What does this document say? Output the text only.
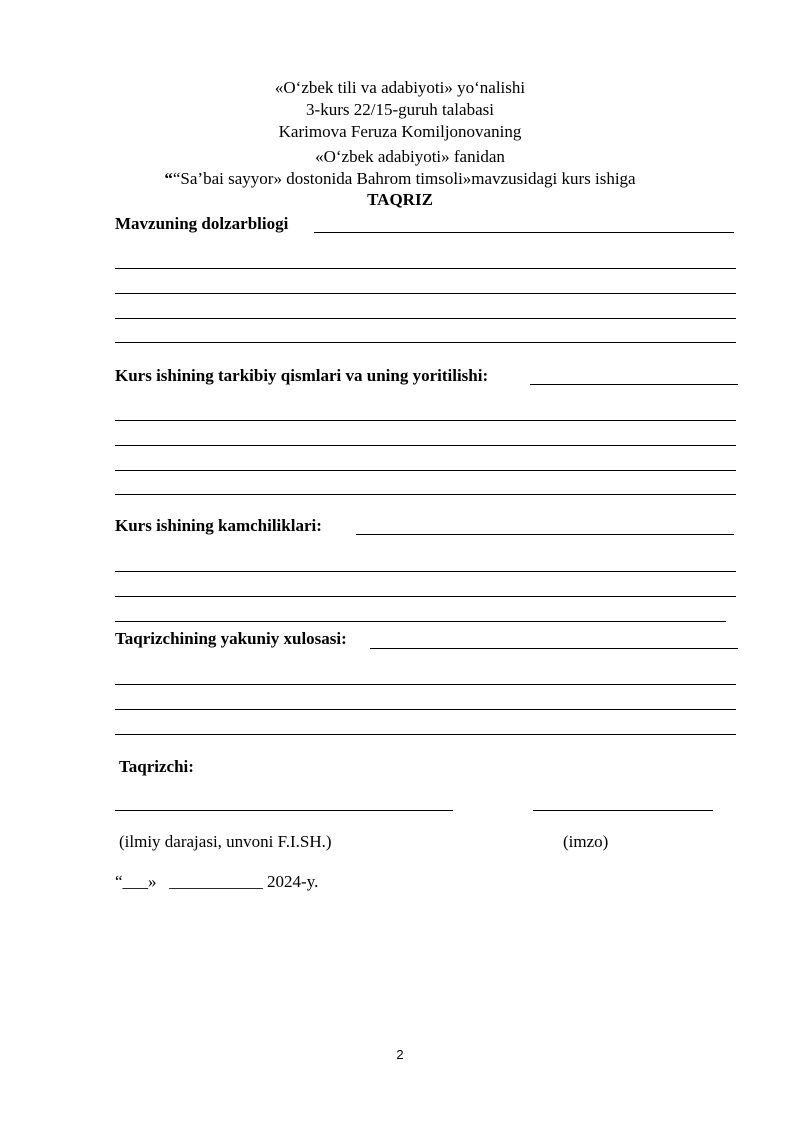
«O‘zbek tili va adabiyoti» yo‘nalishi
3-kurs 22/15-guruh talabasi
Karimova Feruza Komiljonovaning
«O‘zbek adabiyoti» fanidan
““Sa’bai sayyor» dostonida Bahrom timsoli»mavzusidagi kurs ishiga
TAQRIZ
Mavzuning dolzarbliogi
Kurs ishining tarkibiy qismlari va uning yoritilishi:
Kurs ishining kamchiliklari:
Taqrizchining yakuniy xulosasi:
Taqrizchi:
(ilmiy darajasi, unvoni F.I.SH.)	(imzo)
“___» ___________ 2024-y.
2
